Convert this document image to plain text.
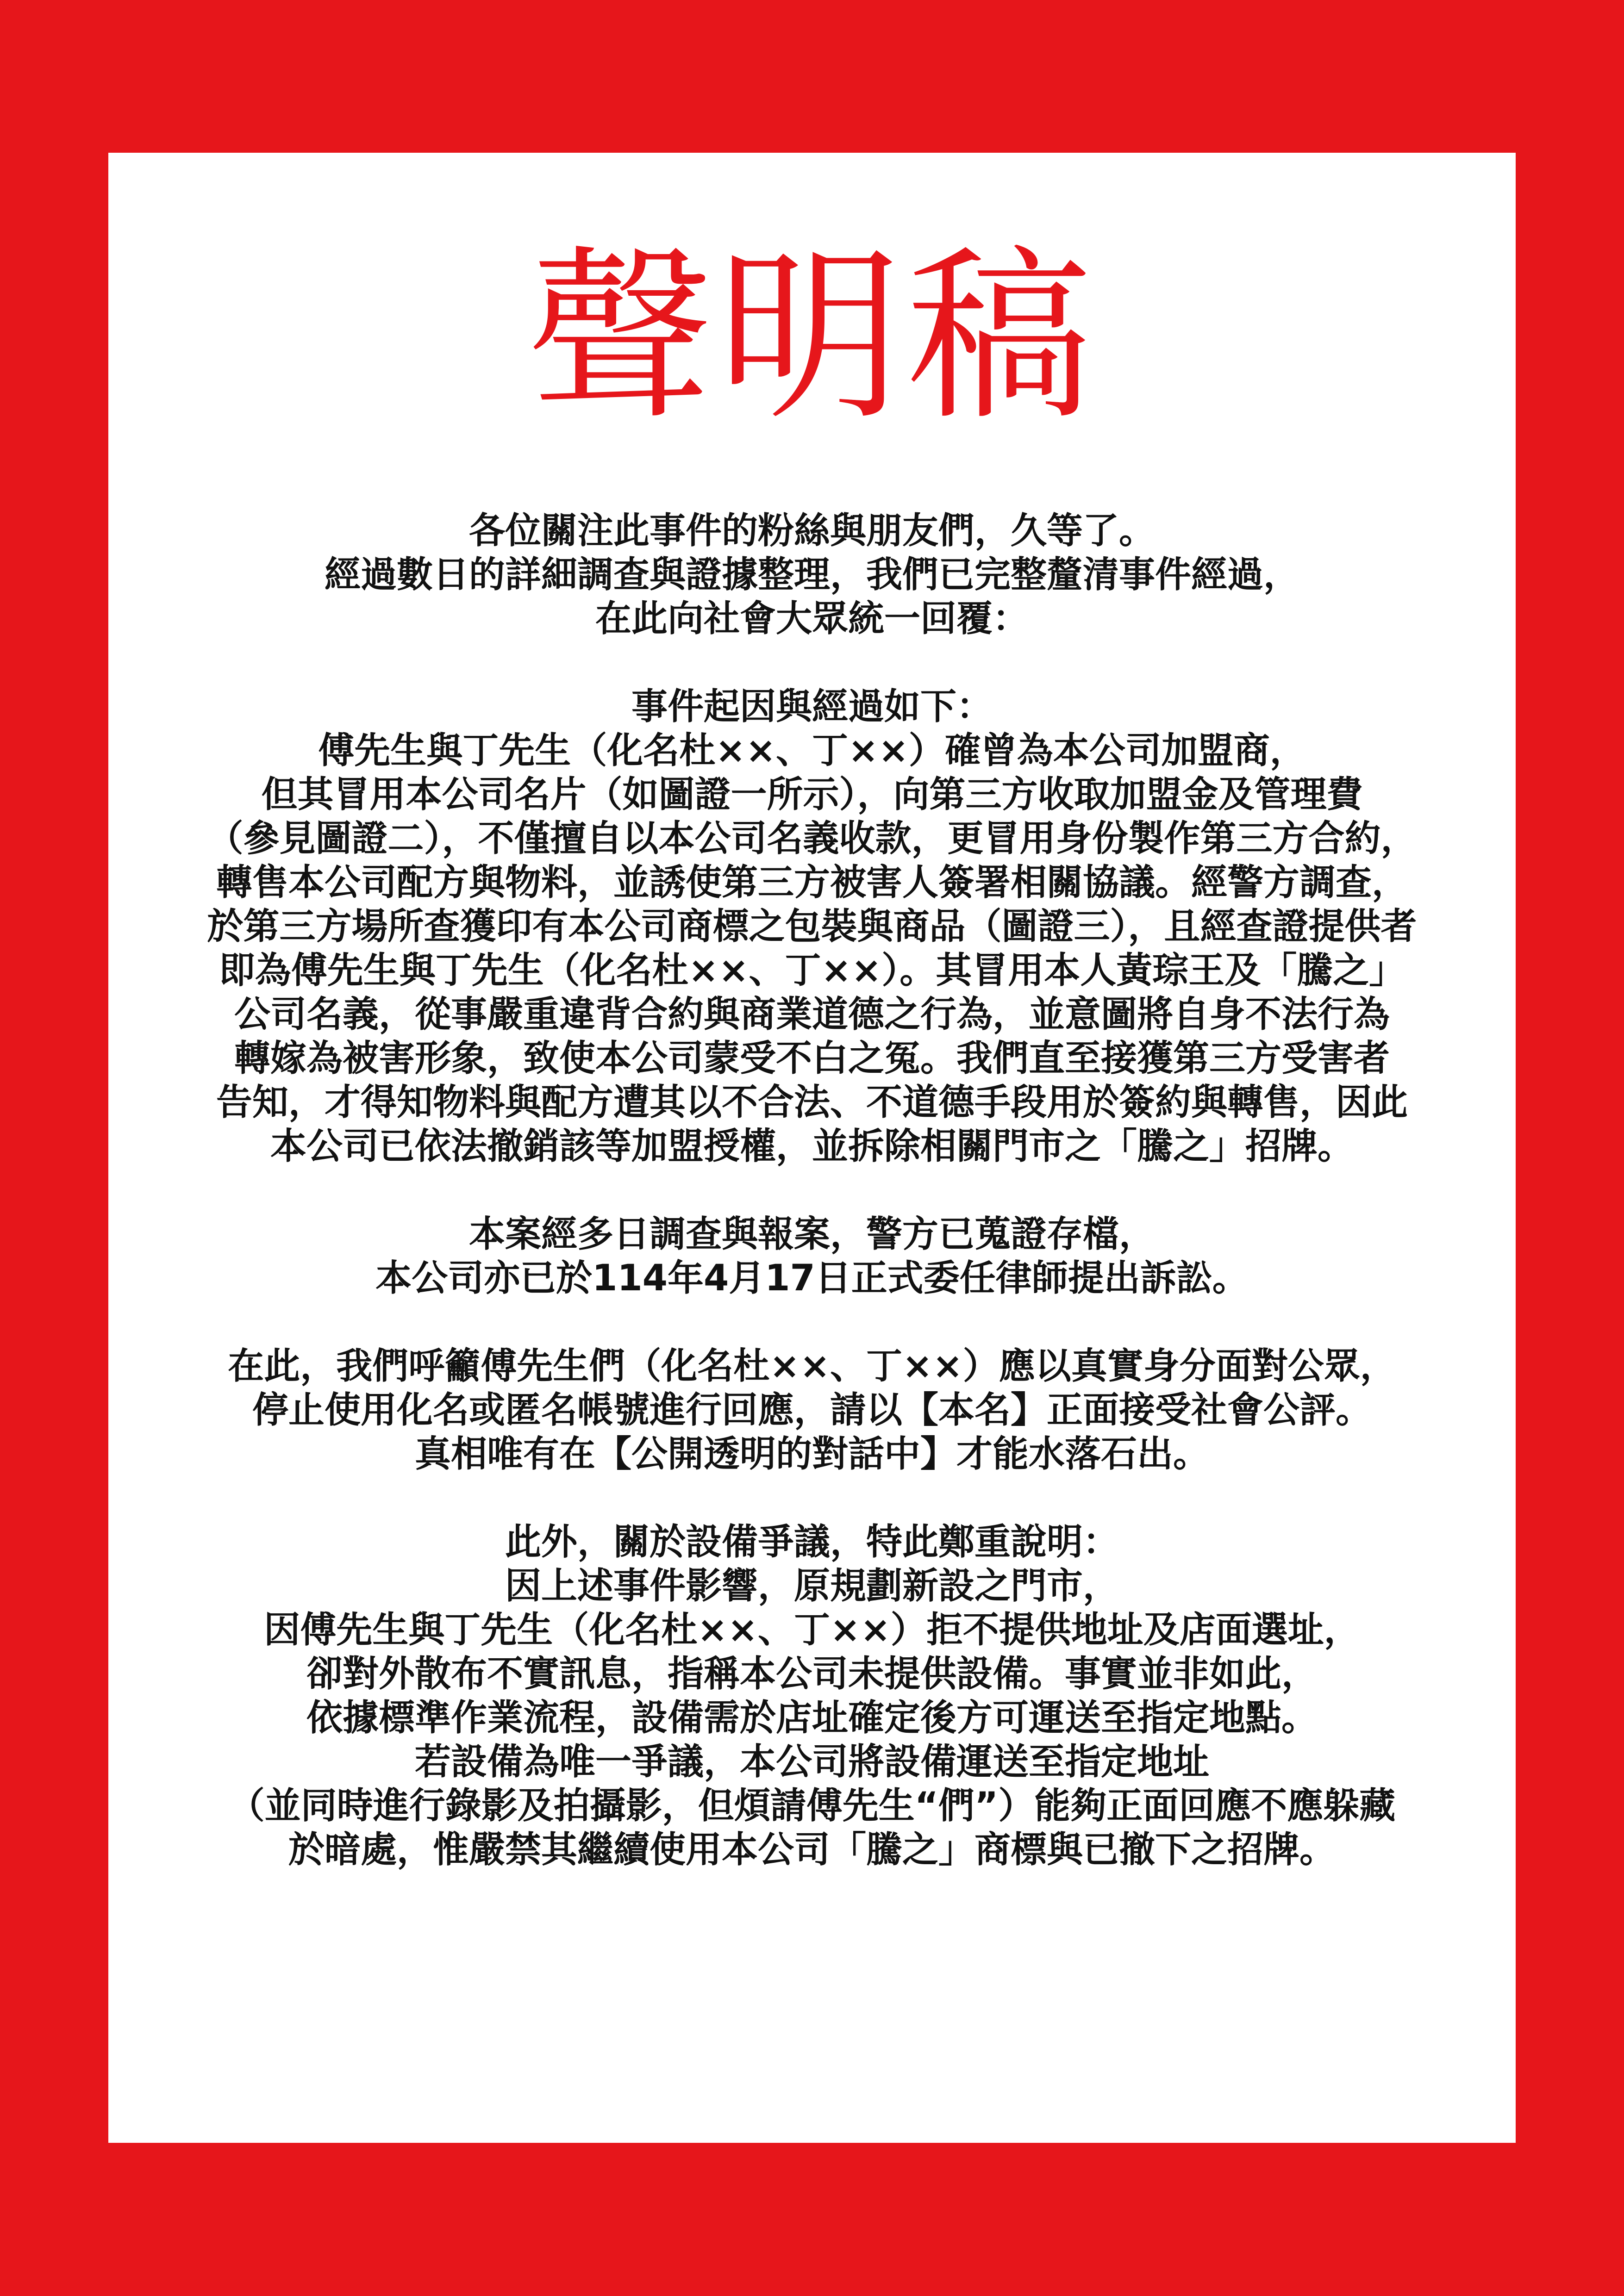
聲明稿
各位關注此事件的粉絲與朋友們，久等了。
經過數日的詳細調查與證據整理，我們已完整釐清事件經過，
在此向社會大眾統一回覆：
事件起因與經過如下：
傅先生與丁先生（化名杜××、丁××）確曾為本公司加盟商，
但其冒用本公司名片（如圖證一所示），向第三方收取加盟金及管理費
（參見圖證二），不僅擅自以本公司名義收款，更冒用身份製作第三方合約，
轉售本公司配方與物料，並誘使第三方被害人簽署相關協議。經警方調查，
於第三方場所查獲印有本公司商標之包裝與商品（圖證三），且經查證提供者
即為傅先生與丁先生（化名杜××、丁××）。其冒用本人黃琮王及「騰之」
公司名義，從事嚴重違背合約與商業道德之行為，並意圖將自身不法行為
轉嫁為被害形象，致使本公司蒙受不白之冤。我們直至接獲第三方受害者
告知，才得知物料與配方遭其以不合法、不道德手段用於簽約與轉售，因此
本公司已依法撤銷該等加盟授權，並拆除相關門市之「騰之」招牌。
本案經多日調查與報案，警方已蒐證存檔，
本公司亦已於114年4月17日正式委任律師提出訴訟。
在此，我們呼籲傅先生們（化名杜××、丁××）應以真實身分面對公眾，
停止使用化名或匿名帳號進行回應，請以【本名】正面接受社會公評。
真相唯有在【公開透明的對話中】才能水落石出。
此外，關於設備爭議，特此鄭重說明：
因上述事件影響，原規劃新設之門市，
因傅先生與丁先生（化名杜××、丁××）拒不提供地址及店面選址，
卻對外散布不實訊息，指稱本公司未提供設備。事實並非如此，
依據標準作業流程，設備需於店址確定後方可運送至指定地點。
若設備為唯一爭議，本公司將設備運送至指定地址
（並同時進行錄影及拍攝影，但煩請傅先生“們”）能夠正面回應不應躲藏
於暗處，惟嚴禁其繼續使用本公司「騰之」商標與已撤下之招牌。
